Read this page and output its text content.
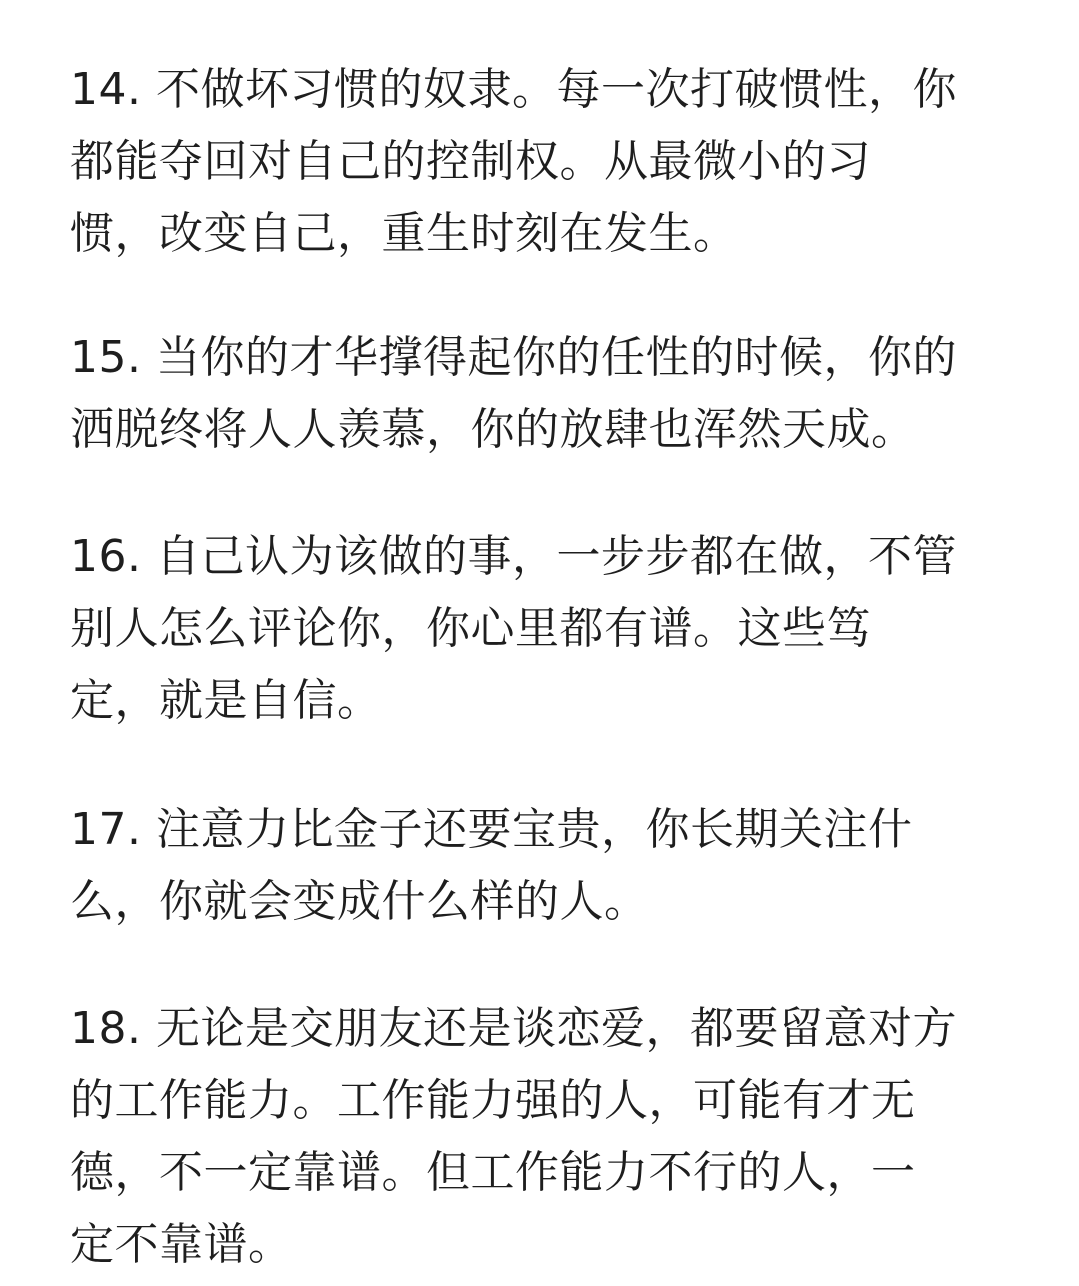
14. 不做坏习惯的奴隶。每一次打破惯性，你
都能夺回对自己的控制权。从最微小的习
惯，改变自己，重生时刻在发生。
15. 当你的才华撑得起你的任性的时候，你的
洒脱终将人人羡慕，你的放肆也浑然天成。
16. 自己认为该做的事，一步步都在做，不管
别人怎么评论你，你心里都有谱。这些笃
定，就是自信。
17. 注意力比金子还要宝贵，你长期关注什
么，你就会变成什么样的人。
18. 无论是交朋友还是谈恋爱，都要留意对方
的工作能力。工作能力强的人，可能有才无
德，不一定靠谱。但工作能力不行的人，一
定不靠谱。
